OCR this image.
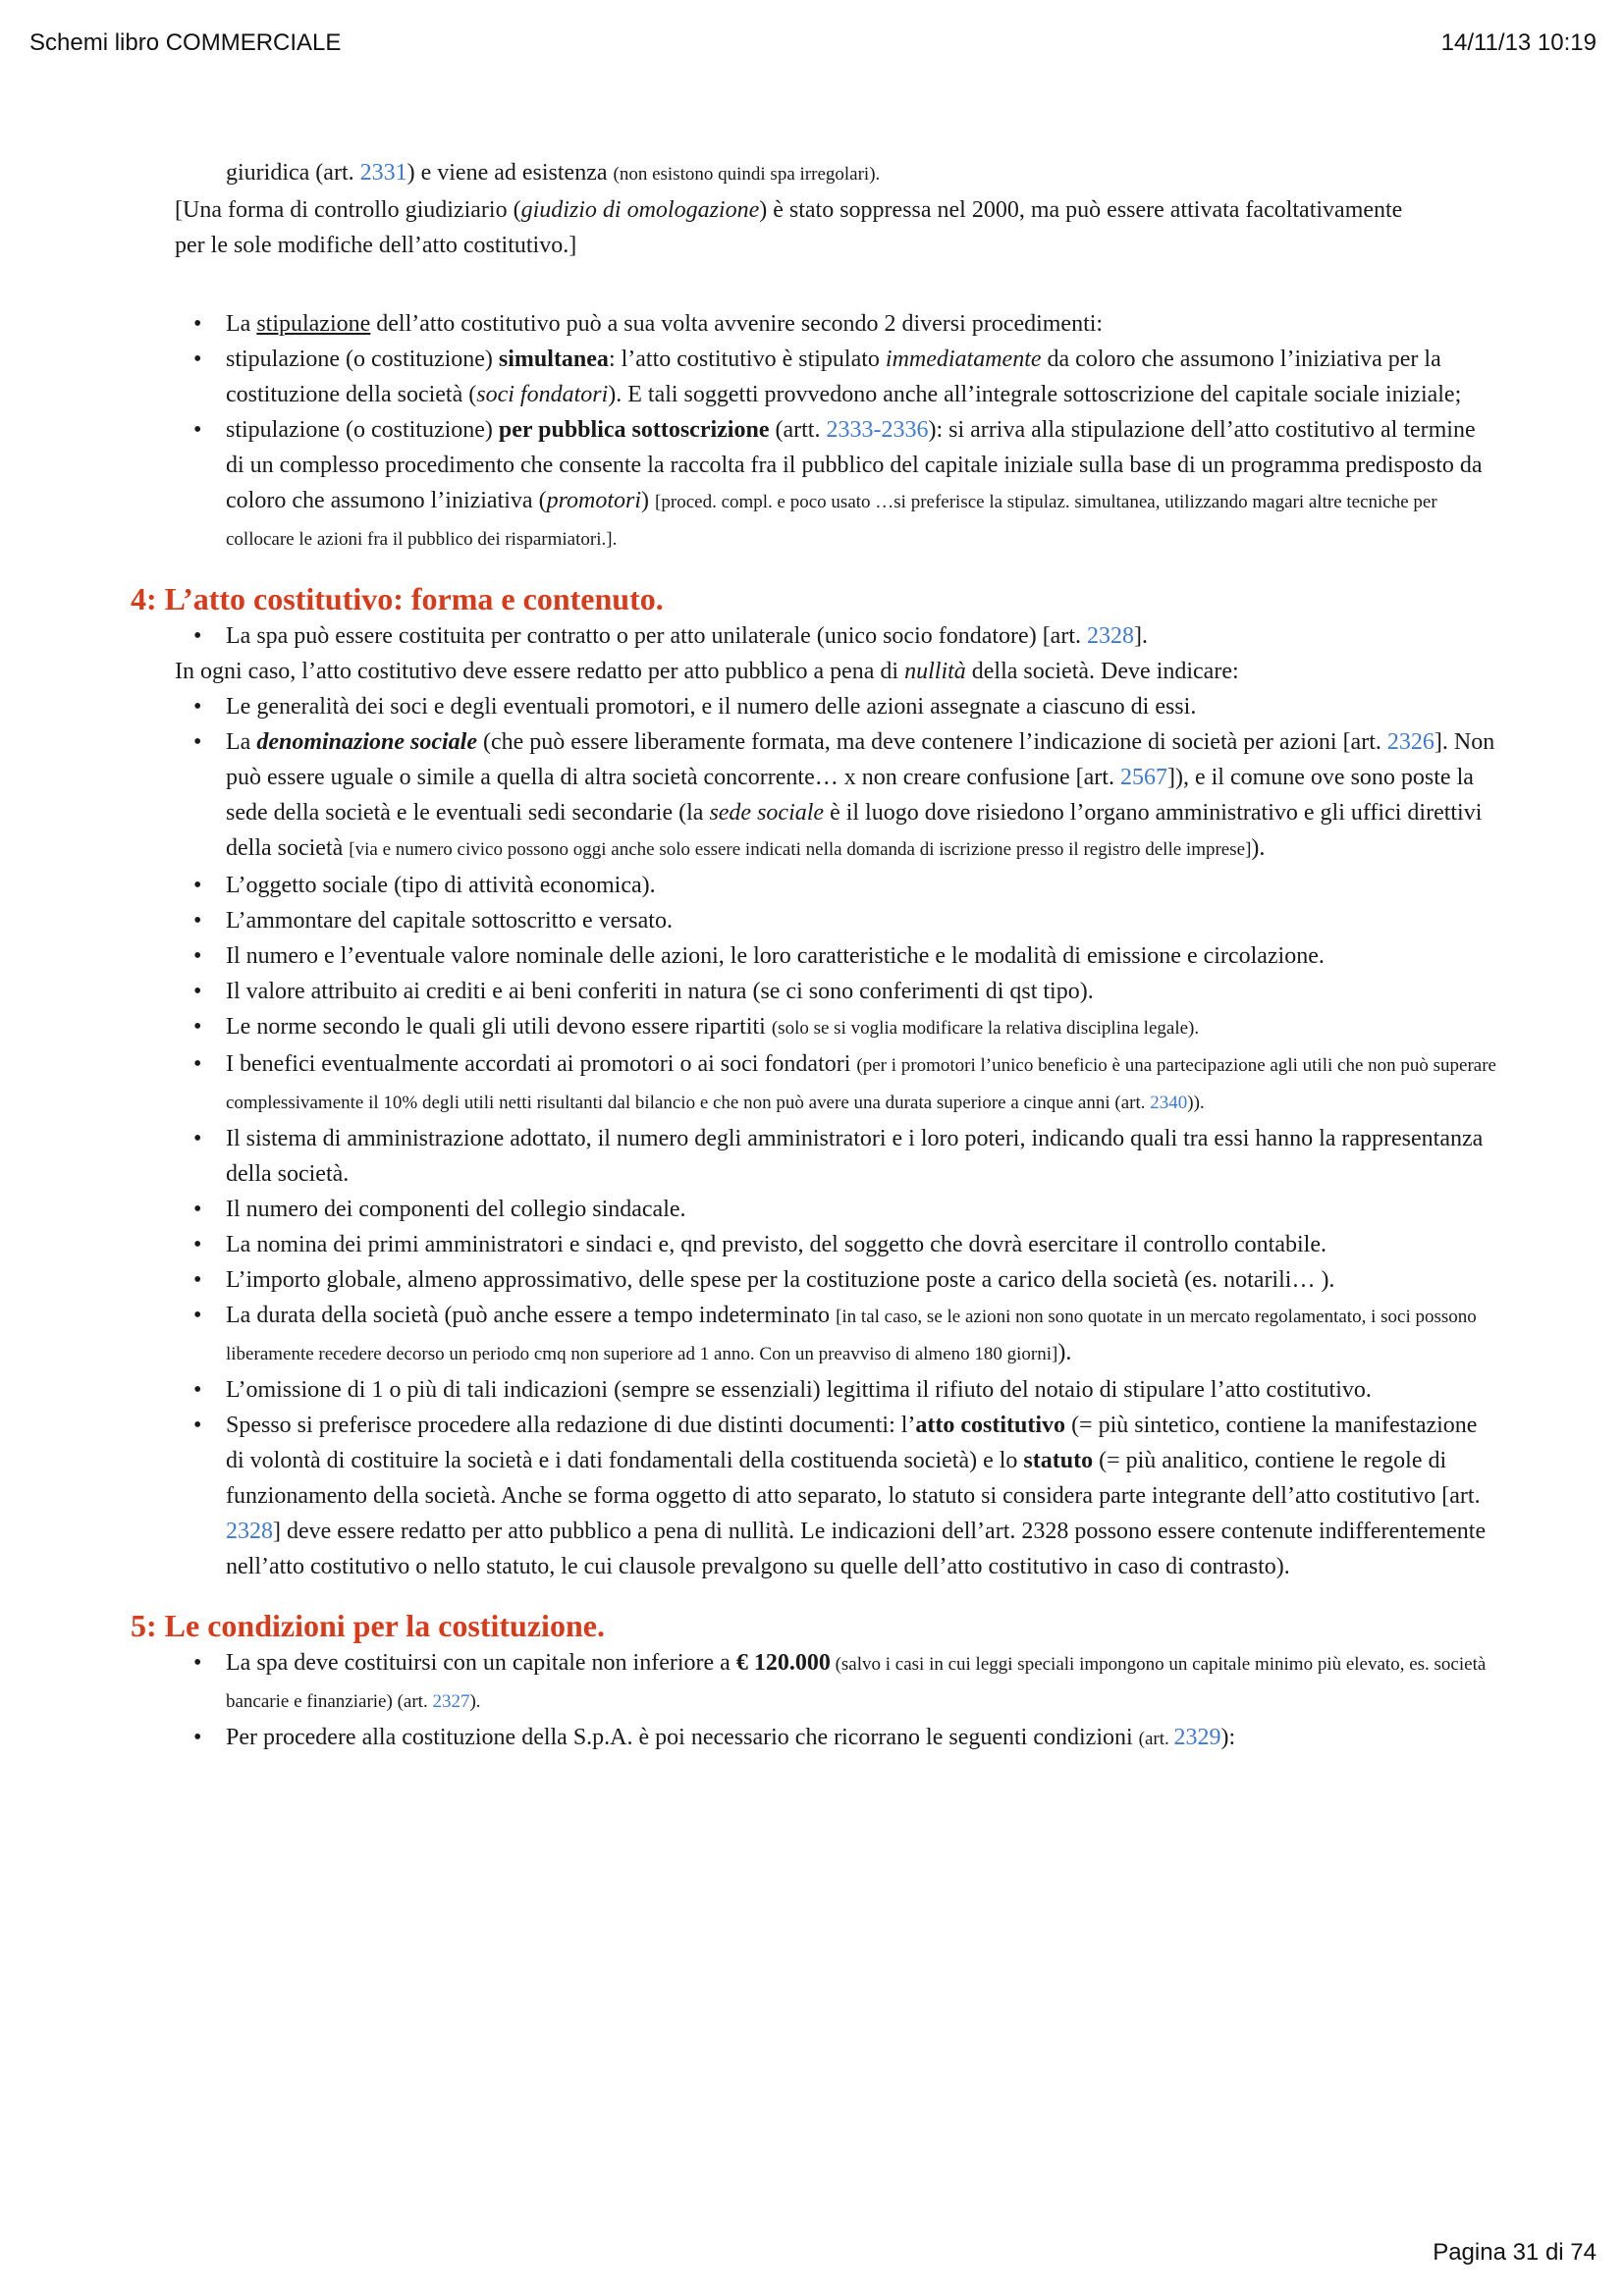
Schemi libro COMMERCIALE	14/11/13 10:19

giuridica (art. 2331) e viene ad esistenza (non esistono quindi spa irregolari).

[Una forma di controllo giudiziario (giudizio di omologazione) è stato soppressa nel 2000, ma può essere attivata facoltativamente per le sole modifiche dell’atto costitutivo.]

• La stipulazione dell’atto costitutivo può a sua volta avvenire secondo 2 diversi procedimenti:

• stipulazione (o costituzione) simultanea: l’atto costitutivo è stipulato immediatamente da coloro che assumono l’iniziativa per la costituzione della società (soci fondatori). E tali soggetti provvedono anche all’integrale sottoscrizione del capitale sociale iniziale;

• stipulazione (o costituzione) per pubblica sottoscrizione (artt. 2333-2336): si arriva alla stipulazione dell’atto costitutivo al termine di un complesso procedimento che consente la raccolta fra il pubblico del capitale iniziale sulla base di un programma predisposto da coloro che assumono l’iniziativa (promotori) [proced. compl. e poco usato …si preferisce la stipulaz. simultanea, utilizzando magari altre tecniche per collocare le azioni fra il pubblico dei risparmiatori.].

4: L’atto costitutivo: forma e contenuto.

• La spa può essere costituita per contratto o per atto unilaterale (unico socio fondatore) [art. 2328].

In ogni caso, l’atto costitutivo deve essere redatto per atto pubblico a pena di nullità della società. Deve indicare:

• Le generalità dei soci e degli eventuali promotori, e il numero delle azioni assegnate a ciascuno di essi.

• La denominazione sociale (che può essere liberamente formata, ma deve contenere l’indicazione di società per azioni [art. 2326]. Non può essere uguale o simile a quella di altra società concorrente… x non creare confusione [art. 2567]), e il comune ove sono poste la sede della società e le eventuali sedi secondarie (la sede sociale è il luogo dove risiedono l’organo amministrativo e gli uffici direttivi della società [via e numero civico possono oggi anche solo essere indicati nella domanda di iscrizione presso il registro delle imprese]).

• L’oggetto sociale (tipo di attività economica).

• L’ammontare del capitale sottoscritto e versato.

• Il numero e l’eventuale valore nominale delle azioni, le loro caratteristiche e le modalità di emissione e circolazione.

• Il valore attribuito ai crediti e ai beni conferiti in natura (se ci sono conferimenti di qst tipo).

• Le norme secondo le quali gli utili devono essere ripartiti (solo se si voglia modificare la relativa disciplina legale).

• I benefici eventualmente accordati ai promotori o ai soci fondatori (per i promotori l’unico beneficio è una partecipazione agli utili che non può superare complessivamente il 10% degli utili netti risultanti dal bilancio e che non può avere una durata superiore a cinque anni (art. 2340)).

• Il sistema di amministrazione adottato, il numero degli amministratori e i loro poteri, indicando quali tra essi hanno la rappresentanza della società.

• Il numero dei componenti del collegio sindacale.

• La nomina dei primi amministratori e sindaci e, qnd previsto, del soggetto che dovrà esercitare il controllo contabile.

• L’importo globale, almeno approssimativo, delle spese per la costituzione poste a carico della società (es. notarili… ).

• La durata della società (può anche essere a tempo indeterminato [in tal caso, se le azioni non sono quotate in un mercato regolamentato, i soci possono liberamente recedere decorso un periodo cmq non superiore ad 1 anno. Con un preavviso di almeno 180 giorni]).

• L’omissione di 1 o più di tali indicazioni (sempre se essenziali) legittima il rifiuto del notaio di stipulare l’atto costitutivo.

• Spesso si preferisce procedere alla redazione di due distinti documenti: l’atto costitutivo (= più sintetico, contiene la manifestazione di volontà di costituire la società e i dati fondamentali della costituenda società) e lo statuto (= più analitico, contiene le regole di funzionamento della società. Anche se forma oggetto di atto separato, lo statuto si considera parte integrante dell’atto costitutivo [art. 2328] deve essere redatto per atto pubblico a pena di nullità. Le indicazioni dell’art. 2328 possono essere contenute indifferentemente nell’atto costitutivo o nello statuto, le cui clausole prevalgono su quelle dell’atto costitutivo in caso di contrasto).

5: Le condizioni per la costituzione.

• La spa deve costituirsi con un capitale non inferiore a € 120.000 (salvo i casi in cui leggi speciali impongono un capitale minimo più elevato, es. società bancarie e finanziarie) (art. 2327).

• Per procedere alla costituzione della S.p.A. è poi necessario che ricorrano le seguenti condizioni (art. 2329):

Pagina 31 di 74
